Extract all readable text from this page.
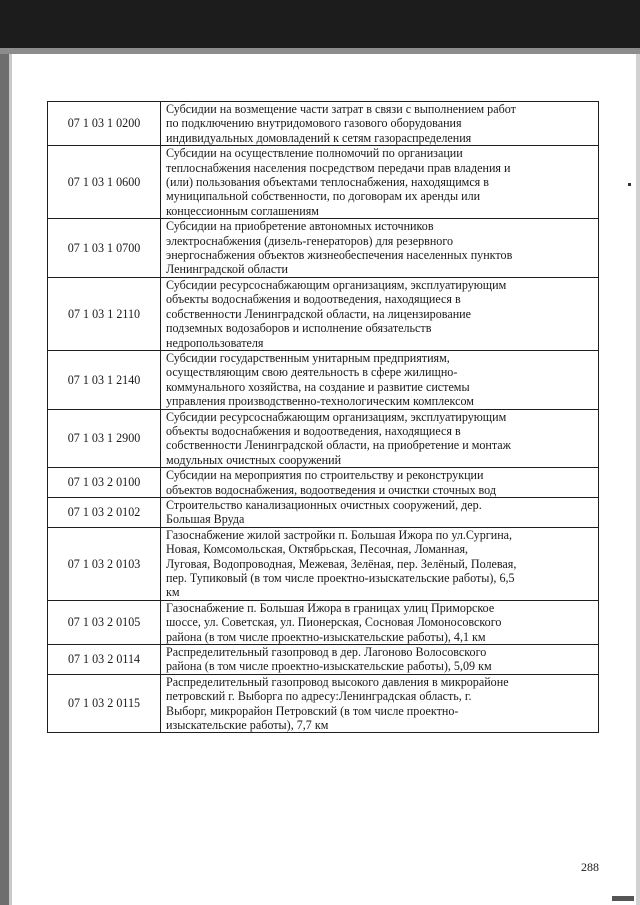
07 1 03 1 0200	Субсидии на возмещение части затрат в связи с выполнением работ
по подключению внутридомового газового оборудования
индивидуальных домовладений к сетям газораспределения

07 1 03 1 0600	Субсидии на осуществление полномочий по организации
теплоснабжения населения посредством передачи прав владения и
(или) пользования объектами теплоснабжения, находящимся в
муниципальной собственности, по договорам их аренды или
концессионным соглашениям

07 1 03 1 0700	Субсидии на приобретение автономных источников
электроснабжения (дизель-генераторов) для резервного
энергоснабжения объектов жизнеобеспечения населенных пунктов
Ленинградской области

07 1 03 1 2110	Субсидии ресурсоснабжающим организациям, эксплуатирующим
объекты водоснабжения и водоотведения, находящиеся в
собственности Ленинградской области, на лицензирование
подземных водозаборов и исполнение обязательств
недропользователя

07 1 03 1 2140	Субсидии государственным унитарным предприятиям,
осуществляющим свою деятельность в сфере жилищно-
коммунального хозяйства, на создание и развитие системы
управления производственно-технологическим комплексом

07 1 03 1 2900	Субсидии ресурсоснабжающим организациям, эксплуатирующим
объекты водоснабжения и водоотведения, находящиеся в
собственности Ленинградской области, на приобретение и монтаж
модульных очистных сооружений

07 1 03 2 0100	Субсидии на мероприятия по строительству и реконструкции
объектов водоснабжения, водоотведения и очистки сточных вод

07 1 03 2 0102	Строительство канализационных очистных сооружений, дер.
Большая Вруда

07 1 03 2 0103	Газоснабжение жилой застройки п. Большая Ижора по ул.Сургина,
Новая, Комсомольская, Октябрьская, Песочная, Ломанная,
Луговая, Водопроводная, Межевая, Зелёная, пер. Зелёный, Полевая,
пер. Тупиковый (в том числе проектно-изыскательские работы), 6,5
км

07 1 03 2 0105	Газоснабжение п. Большая Ижора в границах улиц Приморское
шоссе, ул. Советская, ул. Пионерская, Сосновая Ломоносовского
района (в том числе проектно-изыскательские работы), 4,1 км

07 1 03 2 0114	Распределительный газопровод в дер. Лагоново Волосовского
района (в том числе проектно-изыскательские работы), 5,09 км

07 1 03 2 0115	Распределительный газопровод высокого давления в микрорайоне
петровский г. Выборга по адресу:Ленинградская область, г.
Выборг, микрорайон Петровский (в том числе проектно-
изыскательские работы), 7,7 км
288
